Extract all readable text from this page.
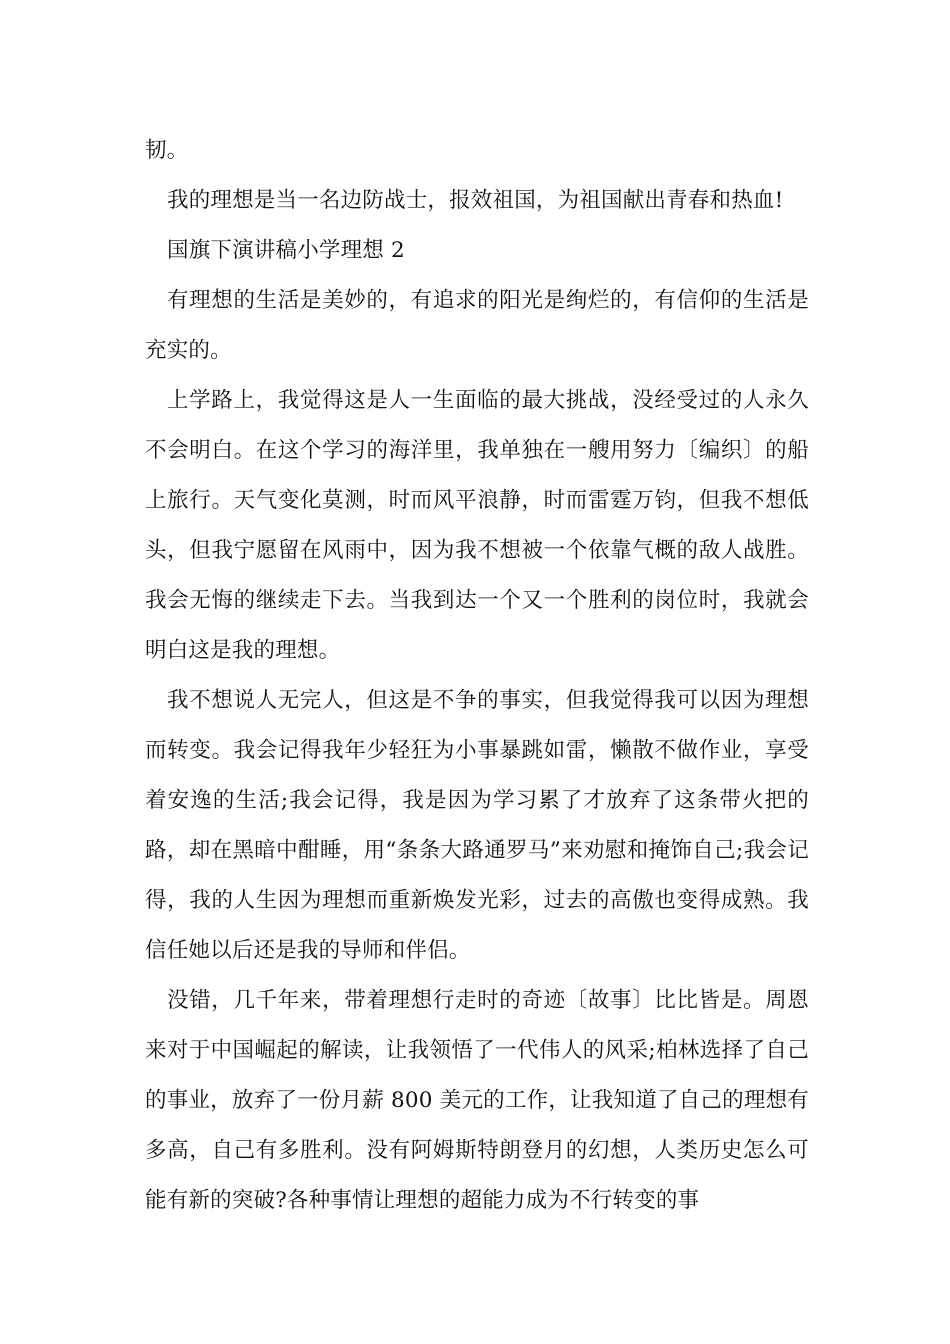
韧。

我的理想是当一名边防战士，报效祖国，为祖国献出青春和热血!

国旗下演讲稿小学理想 2

有理想的生活是美妙的，有追求的阳光是绚烂的，有信仰的生活是充实的。

上学路上，我觉得这是人一生面临的最大挑战，没经受过的人永久不会明白。在这个学习的海洋里，我单独在一艘用努力〔编织〕的船上旅行。天气变化莫测，时而风平浪静，时而雷霆万钧，但我不想低头，但我宁愿留在风雨中，因为我不想被一个依靠气概的敌人战胜。我会无悔的继续走下去。当我到达一个又一个胜利的岗位时，我就会明白这是我的理想。

我不想说人无完人，但这是不争的事实，但我觉得我可以因为理想而转变。我会记得我年少轻狂为小事暴跳如雷，懒散不做作业，享受着安逸的生活;我会记得，我是因为学习累了才放弃了这条带火把的路，却在黑暗中酣睡，用“条条大路通罗马”来劝慰和掩饰自己;我会记得，我的人生因为理想而重新焕发光彩，过去的高傲也变得成熟。我信任她以后还是我的导师和伴侣。

没错，几千年来，带着理想行走时的奇迹〔故事〕比比皆是。周恩来对于中国崛起的解读，让我领悟了一代伟人的风采;柏林选择了自己的事业，放弃了一份月薪 800 美元的工作，让我知道了自己的理想有多高，自己有多胜利。没有阿姆斯特朗登月的幻想，人类历史怎么可能有新的突破?各种事情让理想的超能力成为不行转变的事
